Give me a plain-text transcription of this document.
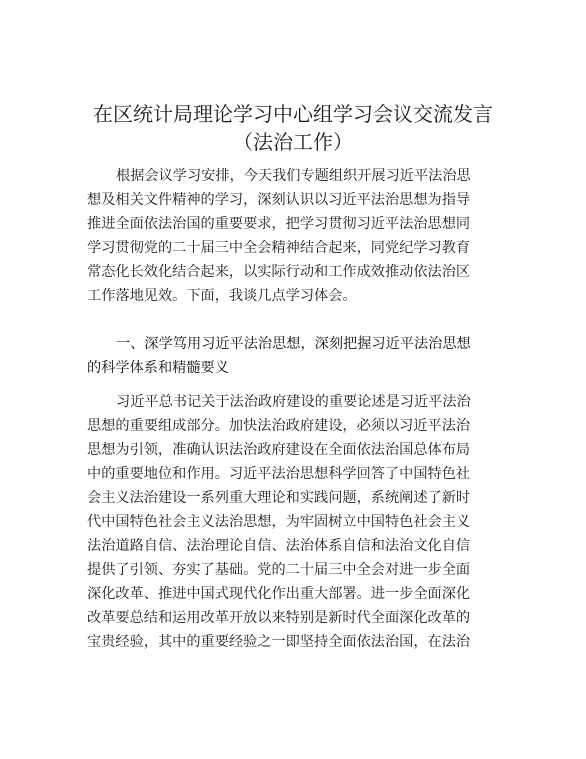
在区统计局理论学习中心组学习会议交流发言
（法治工作）
根据会议学习安排，今天我们专题组织开展习近平法治思
想及相关文件精神的学习，深刻认识以习近平法治思想为指导
推进全面依法治国的重要要求，把学习贯彻习近平法治思想同
学习贯彻党的二十届三中全会精神结合起来，同党纪学习教育
常态化长效化结合起来，以实际行动和工作成效推动依法治区
工作落地见效。下面，我谈几点学习体会。
一、深学笃用习近平法治思想，深刻把握习近平法治思想
的科学体系和精髓要义
习近平总书记关于法治政府建设的重要论述是习近平法治
思想的重要组成部分。加快法治政府建设，必须以习近平法治
思想为引领，准确认识法治政府建设在全面依法治国总体布局
中的重要地位和作用。习近平法治思想科学回答了中国特色社
会主义法治建设一系列重大理论和实践问题，系统阐述了新时
代中国特色社会主义法治思想，为牢固树立中国特色社会主义
法治道路自信、法治理论自信、法治体系自信和法治文化自信
提供了引领、夯实了基础。党的二十届三中全会对进一步全面
深化改革、推进中国式现代化作出重大部署。进一步全面深化
改革要总结和运用改革开放以来特别是新时代全面深化改革的
宝贵经验，其中的重要经验之一即坚持全面依法治国，在法治
